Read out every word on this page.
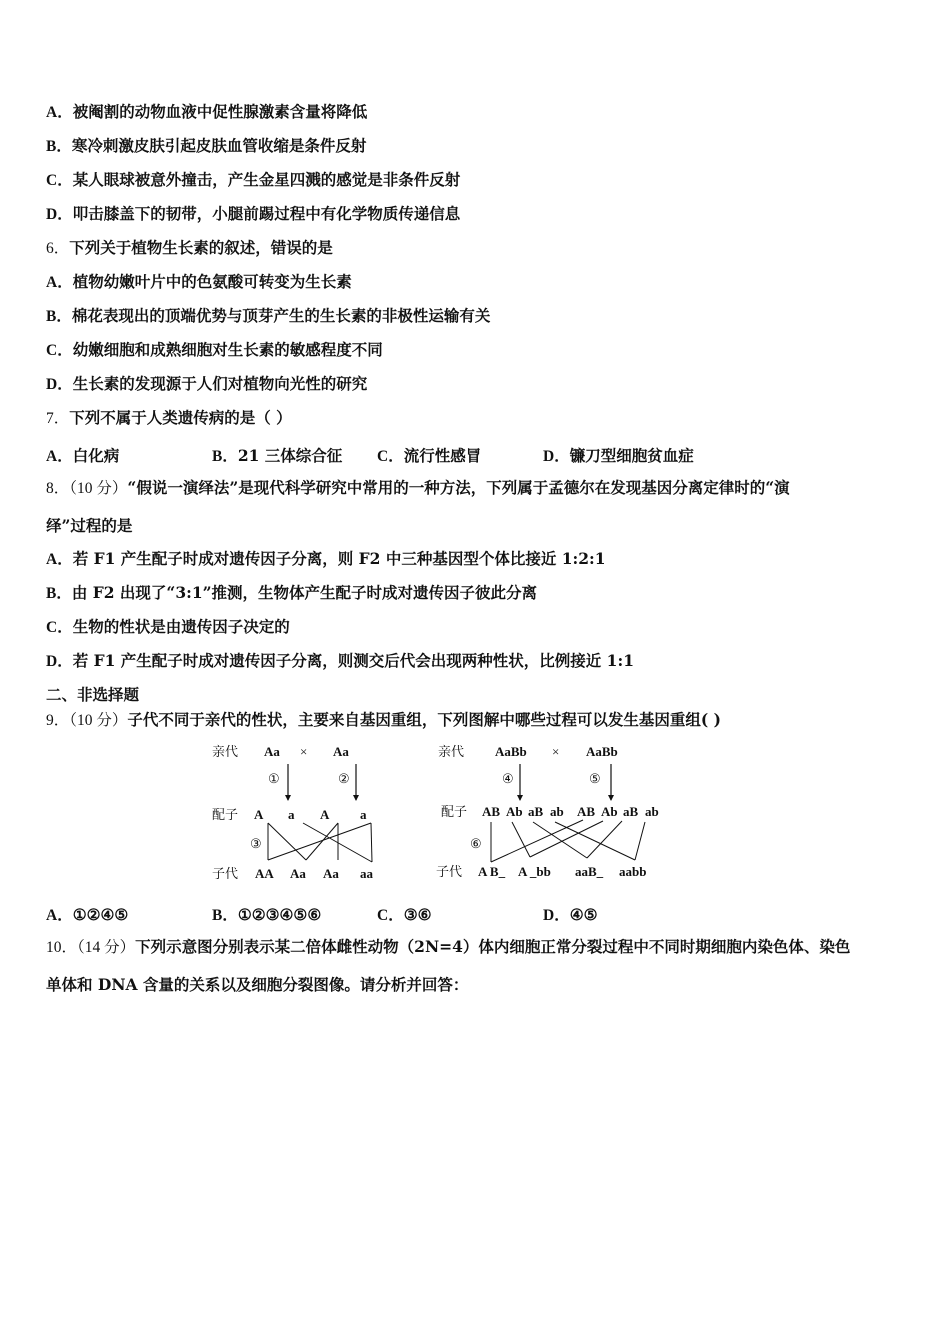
A．被阉割的动物血液中促性腺激素含量将降低
B．寒冷刺激皮肤引起皮肤血管收缩是条件反射
C．某人眼球被意外撞击，产生金星四溅的感觉是非条件反射
D．叩击膝盖下的韧带，小腿前踢过程中有化学物质传递信息
6．下列关于植物生长素的叙述，错误的是
A．植物幼嫩叶片中的色氨酸可转变为生长素
B．棉花表现出的顶端优势与顶芽产生的生长素的非极性运输有关
C．幼嫩细胞和成熟细胞对生长素的敏感程度不同
D．生长素的发现源于人们对植物向光性的研究
7．下列不属于人类遗传病的是（ ）
A．白化病	B．21 三体综合征 C．流行性感冒	D．镰刀型细胞贫血症
8．（10 分）“假说一演绎法”是现代科学研究中常用的一种方法，下列属于孟德尔在发现基因分离定律时的“演
绎”过程的是
A．若 F1 产生配子时成对遗传因子分离，则 F2 中三种基因型个体比接近 1:2:1
B．由 F2 出现了“3:1”推测，生物体产生配子时成对遗传因子彼此分离
C．生物的性状是由遗传因子决定的
D．若 F1 产生配子时成对遗传因子分离，则测交后代会出现两种性状，比例接近 1:1
二、非选择题
9．（10 分）子代不同于亲代的性状，主要来自基因重组，下列图解中哪些过程可以发生基因重组( )
亲代 Aa × Aa
①	②
配子 A a A a
③
子代 AA Aa Aa aa
亲代 AaBb × AaBb
④	⑤
配子 AB Ab aB ab AB Ab aB ab
⑥
子代 A B_ A _bb aaB_ aabb
A．①②④⑤	B．①②③④⑤⑥	C．③⑥	D．④⑤
10．（14 分）下列示意图分别表示某二倍体雌性动物（2N=4）体内细胞正常分裂过程中不同时期细胞内染色体、染色
单体和 DNA 含量的关系以及细胞分裂图像。请分析并回答：
